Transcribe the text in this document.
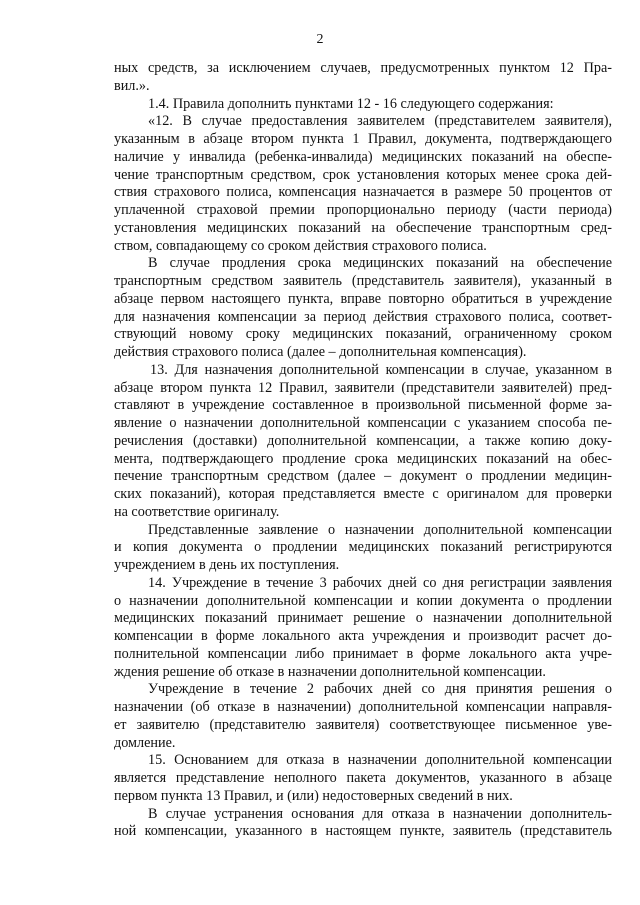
2
ных средств, за исключением случаев, предусмотренных пунктом 12 Пра-
вил.».
1.4. Правила дополнить пунктами 12 - 16 следующего содержания:
«12. В случае предоставления заявителем (представителем заявителя),
указанным в абзаце втором пункта 1 Правил, документа, подтверждающего
наличие у инвалида (ребенка-инвалида) медицинских показаний на обеспе-
чение транспортным средством, срок установления которых менее срока дей-
ствия страхового полиса, компенсация назначается в размере 50 процентов от
уплаченной страховой премии пропорционально периоду (части периода)
установления медицинских показаний на обеспечение транспортным сред-
ством, совпадающему со сроком действия страхового полиса.
В случае продления срока медицинских показаний на обеспечение
транспортным средством заявитель (представитель заявителя), указанный в
абзаце первом настоящего пункта, вправе повторно обратиться в учреждение
для назначения компенсации за период действия страхового полиса, соответ-
ствующий новому сроку медицинских показаний, ограниченному сроком
действия страхового полиса (далее – дополнительная компенсация).
13. Для назначения дополнительной компенсации в случае, указанном в
абзаце втором пункта 12 Правил, заявители (представители заявителей) пред-
ставляют в учреждение составленное в произвольной письменной форме за-
явление о назначении дополнительной компенсации с указанием способа пе-
речисления (доставки) дополнительной компенсации, а также копию доку-
мента, подтверждающего продление срока медицинских показаний на обес-
печение транспортным средством (далее – документ о продлении медицин-
ских показаний), которая представляется вместе с оригиналом для проверки
на соответствие оригиналу.
Представленные заявление о назначении дополнительной компенсации
и копия документа о продлении медицинских показаний регистрируются
учреждением в день их поступления.
14. Учреждение в течение 3 рабочих дней со дня регистрации заявления
о назначении дополнительной компенсации и копии документа о продлении
медицинских показаний принимает решение о назначении дополнительной
компенсации в форме локального акта учреждения и производит расчет до-
полнительной компенсации либо принимает в форме локального акта учре-
ждения решение об отказе в назначении дополнительной компенсации.
Учреждение в течение 2 рабочих дней со дня принятия решения о
назначении (об отказе в назначении) дополнительной компенсации направля-
ет заявителю (представителю заявителя) соответствующее письменное уве-
домление.
15. Основанием для отказа в назначении дополнительной компенсации
является представление неполного пакета документов, указанного в абзаце
первом пункта 13 Правил, и (или) недостоверных сведений в них.
В случае устранения основания для отказа в назначении дополнитель-
ной компенсации, указанного в настоящем пункте, заявитель (представитель
